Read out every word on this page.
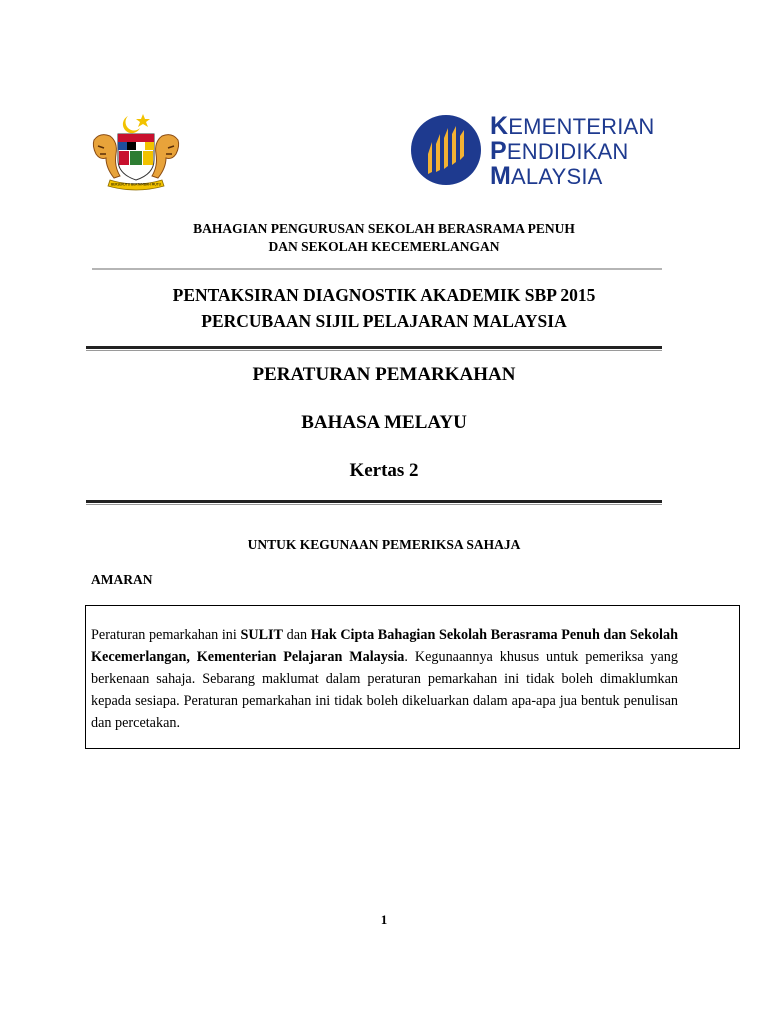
BERSEKUTU BERTAMBAH MUTU
KEMENTERIAN
PENDIDIKAN
MALAYSIA
BAHAGIAN PENGURUSAN SEKOLAH BERASRAMA PENUH
DAN SEKOLAH KECEMERLANGAN
PENTAKSIRAN DIAGNOSTIK AKADEMIK SBP 2015
PERCUBAAN SIJIL PELAJARAN MALAYSIA
PERATURAN PEMARKAHAN
BAHASA MELAYU
Kertas 2
UNTUK KEGUNAAN PEMERIKSA SAHAJA
AMARAN
Peraturan pemarkahan ini SULIT dan Hak Cipta Bahagian Sekolah Berasrama Penuh dan Sekolah Kecemerlangan, Kementerian Pelajaran Malaysia. Kegunaannya khusus untuk pemeriksa yang berkenaan sahaja. Sebarang maklumat dalam peraturan pemarkahan ini tidak boleh dimaklumkan kepada sesiapa. Peraturan pemarkahan ini tidak boleh dikeluarkan dalam apa-apa jua bentuk penulisan dan percetakan.
1
